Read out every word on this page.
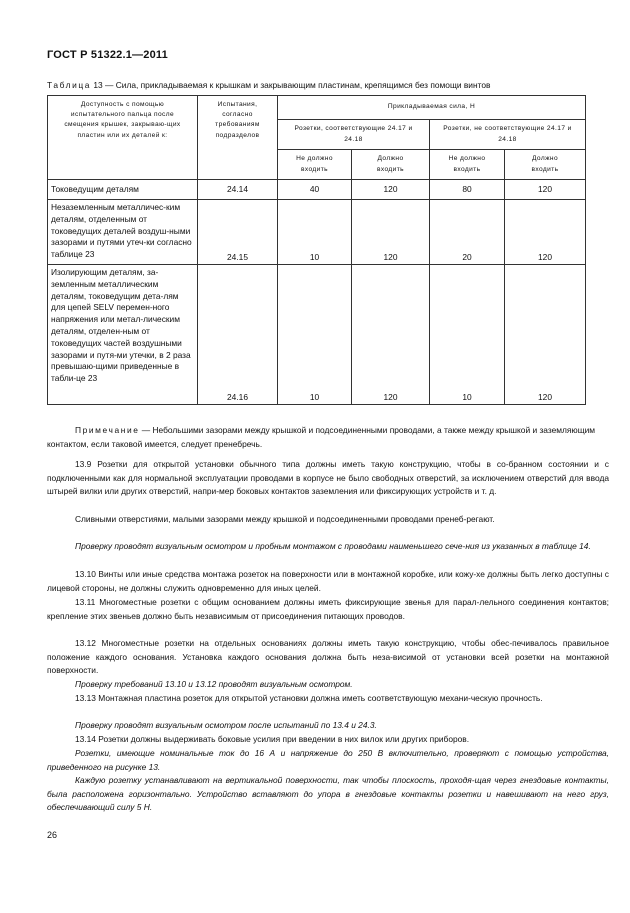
ГОСТ Р 51322.1—2011
Таблица 13 — Сила, прикладываемая к крышкам и закрывающим пластинам, крепящимся без помощи винтов
Доступность с помощью испытательного пальца после смещения крышек, закрываю-щих пластин или их деталей к:	Испытания, согласно требованиям подразделов	Прикладываемая сила, Н			
		Розетки, соответствующие 24.17 и 24.18		Розетки, не соответствующие 24.17 и 24.18	
		Не должно входить	Должно входить	Не должно входить	Должно входить
Токоведущим деталям	24.14	40	120	80	120
Незаземленным металличес-ким деталям, отделенным от токоведущих деталей воздуш-ными зазорами и путями утеч-ки согласно таблице 23	24.15	10	120	20	120
Изолирующим деталям, за-земленным металлическим деталям, токоведущим дета-лям для цепей SELV перемен-ного напряжения или метал-лическим деталям, отделен-ным от токоведущих частей воздушными зазорами и путя-ми утечки, в 2 раза превышаю-щими приведенные в табли-це 23	24.16	10	120	10	120
Примечание — Небольшими зазорами между крышкой и подсоединенными проводами, а также между крышкой и заземляющим контактом, если таковой имеется, следует пренебречь.
13.9 Розетки для открытой установки обычного типа должны иметь такую конструкцию, чтобы в со-бранном состоянии и с подключенными как для нормальной эксплуатации проводами в корпусе не было свободных отверстий, за исключением отверстий для ввода штырей вилки или других отверстий, напри-мер боковых контактов заземления или фиксирующих устройств и т. д.
Сливными отверстиями, малыми зазорами между крышкой и подсоединенными проводами пренеб-регают.
Проверку проводят визуальным осмотром и пробным монтажом с проводами наименьшего сече-ния из указанных в таблице 14.
13.10 Винты или иные средства монтажа розеток на поверхности или в монтажной коробке, или кожу-хе должны быть легко доступны с лицевой стороны, не должны служить одновременно для иных целей.
13.11 Многоместные розетки с общим основанием должны иметь фиксирующие звенья для парал-лельного соединения контактов; крепление этих звеньев должно быть независимым от присоединения питающих проводов.
13.12 Многоместные розетки на отдельных основаниях должны иметь такую конструкцию, чтобы обес-печивалось правильное положение каждого основания. Установка каждого основания должна быть неза-висимой от установки всей розетки на монтажной поверхности.
Проверку требований 13.10 и 13.12 проводят визуальным осмотром.
13.13 Монтажная пластина розеток для открытой установки должна иметь соответствующую механи-ческую прочность.
Проверку проводят визуальным осмотром после испытаний по 13.4 и 24.3.
13.14 Розетки должны выдерживать боковые усилия при введении в них вилок или других приборов.
Розетки, имеющие номинальные ток до 16 А и напряжение до 250 В включительно, проверяют с помощью устройства, приведенного на рисунке 13.
Каждую розетку устанавливают на вертикальной поверхности, так чтобы плоскость, проходя-щая через гнездовые контакты, была расположена горизонтально. Устройство вставляют до упора в гнездовые контакты розетки и навешивают на него груз, обеспечивающий силу 5 Н.
26
